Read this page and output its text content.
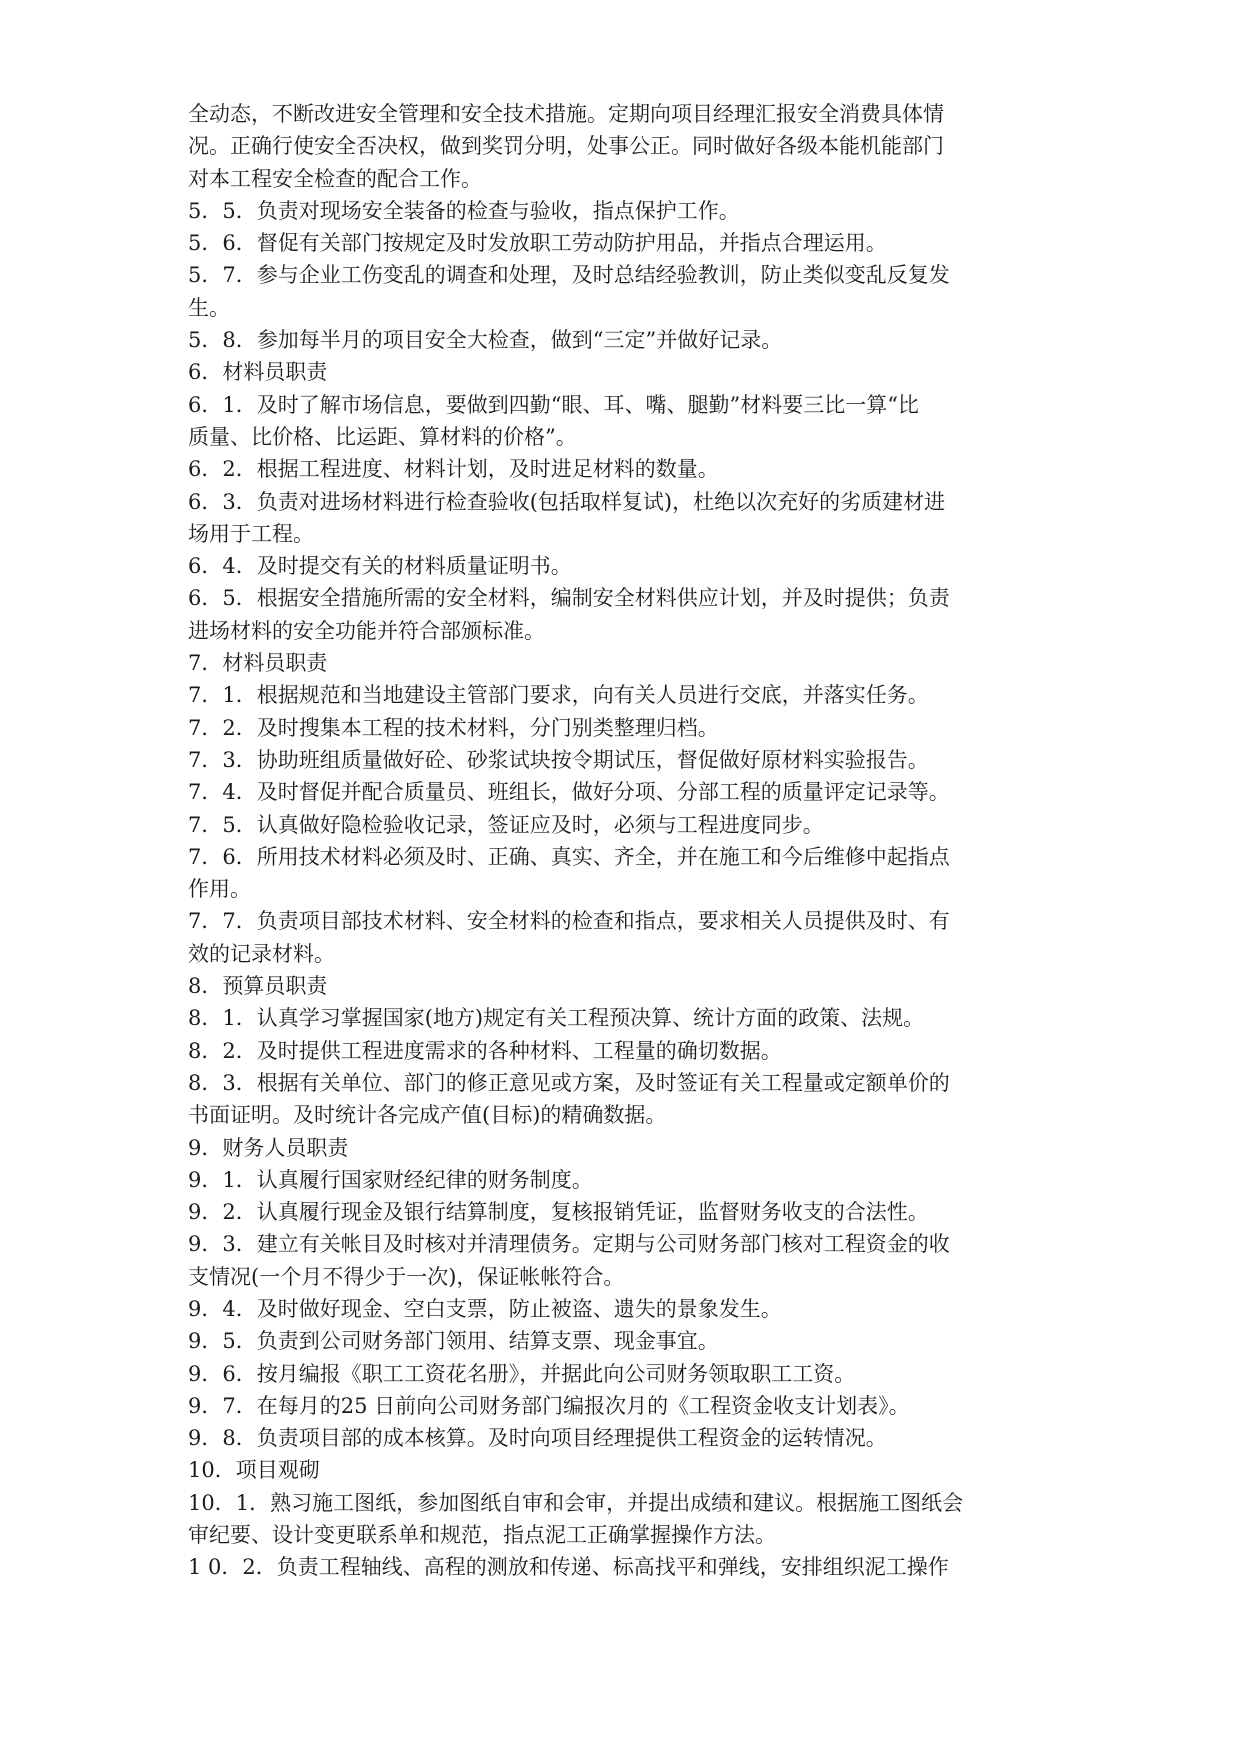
全动态，不断改进安全管理和安全技术措施。定期向项目经理汇报安全消费具体情
况。正确行使安全否决权，做到奖罚分明，处事公正。同时做好各级本能机能部门
对本工程安全检查的配合工作。
5．5．负责对现场安全装备的检查与验收，指点保护工作。
5．6．督促有关部门按规定及时发放职工劳动防护用品，并指点合理运用。
5．7．参与企业工伤变乱的调查和处理，及时总结经验教训，防止类似变乱反复发
生。
5．8．参加每半月的项目安全大检查，做到“三定”并做好记录。
6．材料员职责
6．1．及时了解市场信息，要做到四勤“眼、耳、嘴、腿勤”材料要三比一算“比
质量、比价格、比运距、算材料的价格”。
6．2．根据工程进度、材料计划，及时进足材料的数量。
6．3．负责对进场材料进行检查验收(包括取样复试)，杜绝以次充好的劣质建材进
场用于工程。
6．4．及时提交有关的材料质量证明书。
6．5．根据安全措施所需的安全材料，编制安全材料供应计划，并及时提供；负责
进场材料的安全功能并符合部颁标准。
7．材料员职责
7．1．根据规范和当地建设主管部门要求，向有关人员进行交底，并落实任务。
7．2．及时搜集本工程的技术材料，分门别类整理归档。
7．3．协助班组质量做好砼、砂浆试块按令期试压，督促做好原材料实验报告。
7．4．及时督促并配合质量员、班组长，做好分项、分部工程的质量评定记录等。
7．5．认真做好隐检验收记录，签证应及时，必须与工程进度同步。
7．6．所用技术材料必须及时、正确、真实、齐全，并在施工和今后维修中起指点
作用。
7．7．负责项目部技术材料、安全材料的检查和指点，要求相关人员提供及时、有
效的记录材料。
8．预算员职责
8．1．认真学习掌握国家(地方)规定有关工程预决算、统计方面的政策、法规。
8．2．及时提供工程进度需求的各种材料、工程量的确切数据。
8．3．根据有关单位、部门的修正意见或方案，及时签证有关工程量或定额单价的
书面证明。及时统计各完成产值(目标)的精确数据。
9．财务人员职责
9．1．认真履行国家财经纪律的财务制度。
9．2．认真履行现金及银行结算制度，复核报销凭证，监督财务收支的合法性。
9．3．建立有关帐目及时核对并清理债务。定期与公司财务部门核对工程资金的收
支情况(一个月不得少于一次)，保证帐帐符合。
9．4．及时做好现金、空白支票，防止被盗、遗失的景象发生。
9．5．负责到公司财务部门领用、结算支票、现金事宜。
9．6．按月编报《职工工资花名册》，并据此向公司财务领取职工工资。
9．7．在每月的25 日前向公司财务部门编报次月的《工程资金收支计划表》。
9．8．负责项目部的成本核算。及时向项目经理提供工程资金的运转情况。
10．项目观砌
10．1．熟习施工图纸，参加图纸自审和会审，并提出成绩和建议。根据施工图纸会
审纪要、设计变更联系单和规范，指点泥工正确掌握操作方法。
1 0．2．负责工程轴线、高程的测放和传递、标高找平和弹线，安排组织泥工操作
